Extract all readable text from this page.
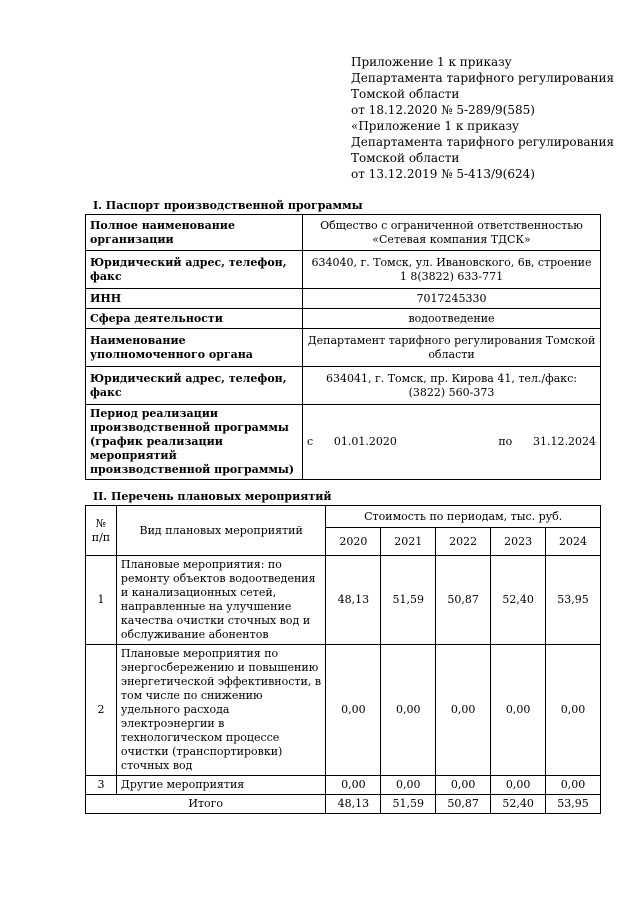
Приложение 1 к приказу
Департамента тарифного регулирования
Томской области
от 18.12.2020 № 5-289/9(585)
«Приложение 1 к приказу
Департамента тарифного регулирования
Томской области
от 13.12.2019 № 5-413/9(624)
I. Паспорт производственной программы
Полное наименование организации	Общество с ограниченной ответственностью «Сетевая компания ТДСК»
Юридический адрес, телефон, факс	634040, г. Томск, ул. Ивановского, 6в, строение 1 8(3822) 633-771
ИНН	7017245330
Сфера деятельности	водоотведение
Наименование уполномоченного органа	Департамент тарифного регулирования Томской области
Юридический адрес, телефон, факс	634041, г. Томск, пр. Кирова 41, тел./факс: (3822) 560-373
Период реализации производственной программы (график реализации мероприятий производственной программы)	с 01.01.2020 по 31.12.2024
II. Перечень плановых мероприятий
№ п/п	Вид плановых мероприятий	Стоимость по периодам, тыс. руб.				
		2020	2021	2022	2023	2024
1	Плановые мероприятия: по ремонту объектов водоотведения и канализационных сетей, направленные на улучшение качества очистки сточных вод и обслуживание абонентов	48,13	51,59	50,87	52,40	53,95
2	Плановые мероприятия по энергосбережению и повышению энергетической эффективности, в том числе по снижению удельного расхода электроэнергии в технологическом процессе очистки (транспортировки) сточных вод	0,00	0,00	0,00	0,00	0,00
3	Другие мероприятия	0,00	0,00	0,00	0,00	0,00
Итого		48,13	51,59	50,87	52,40	53,95
